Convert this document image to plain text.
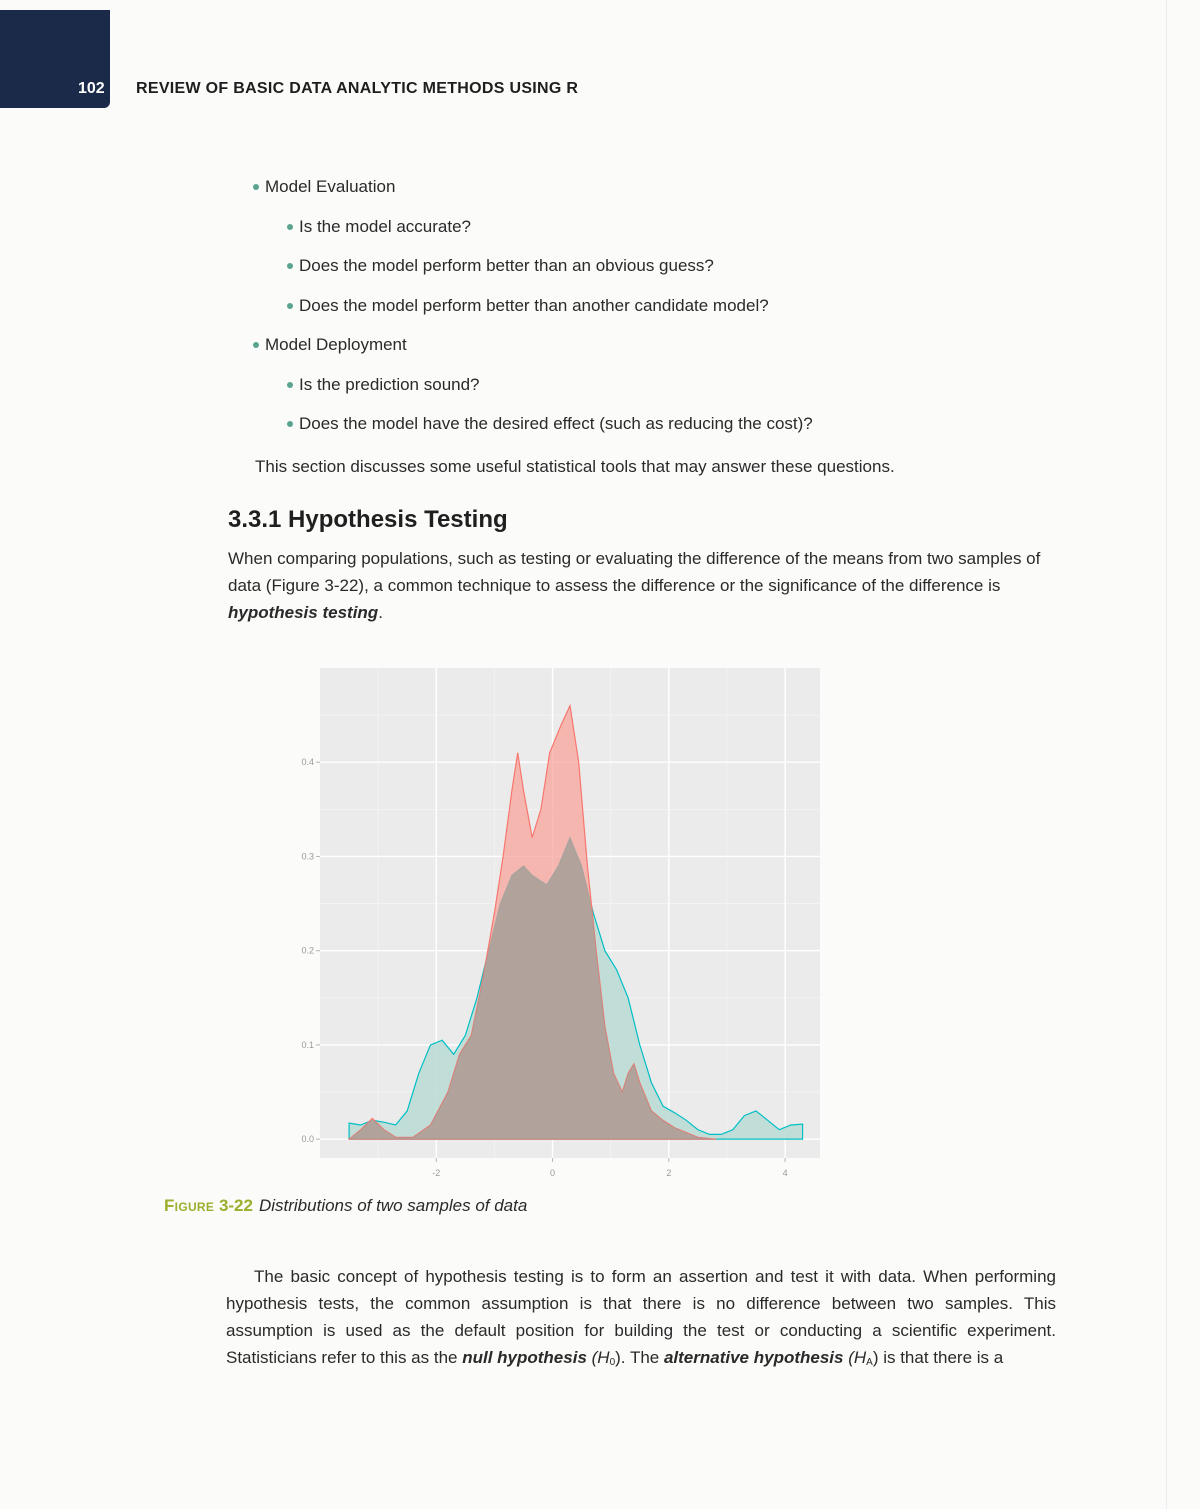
102 REVIEW OF BASIC DATA ANALYTIC METHODS USING R
Model Evaluation
Is the model accurate?
Does the model perform better than an obvious guess?
Does the model perform better than another candidate model?
Model Deployment
Is the prediction sound?
Does the model have the desired effect (such as reducing the cost)?
This section discusses some useful statistical tools that may answer these questions.
3.3.1 Hypothesis Testing
When comparing populations, such as testing or evaluating the difference of the means from two samples of data (Figure 3-22), a common technique to assess the difference or the significance of the difference is hypothesis testing.
0.0
0.1
0.2
0.3
0.4
-2	0	2	4
Figure 3-22 Distributions of two samples of data
The basic concept of hypothesis testing is to form an assertion and test it with data. When performing hypothesis tests, the common assumption is that there is no difference between two samples. This assumption is used as the default position for building the test or conducting a scientific experiment. Statisticians refer to this as the null hypothesis $(H_0)$. The alternative hypothesis $(H_A)$ is that there is a
